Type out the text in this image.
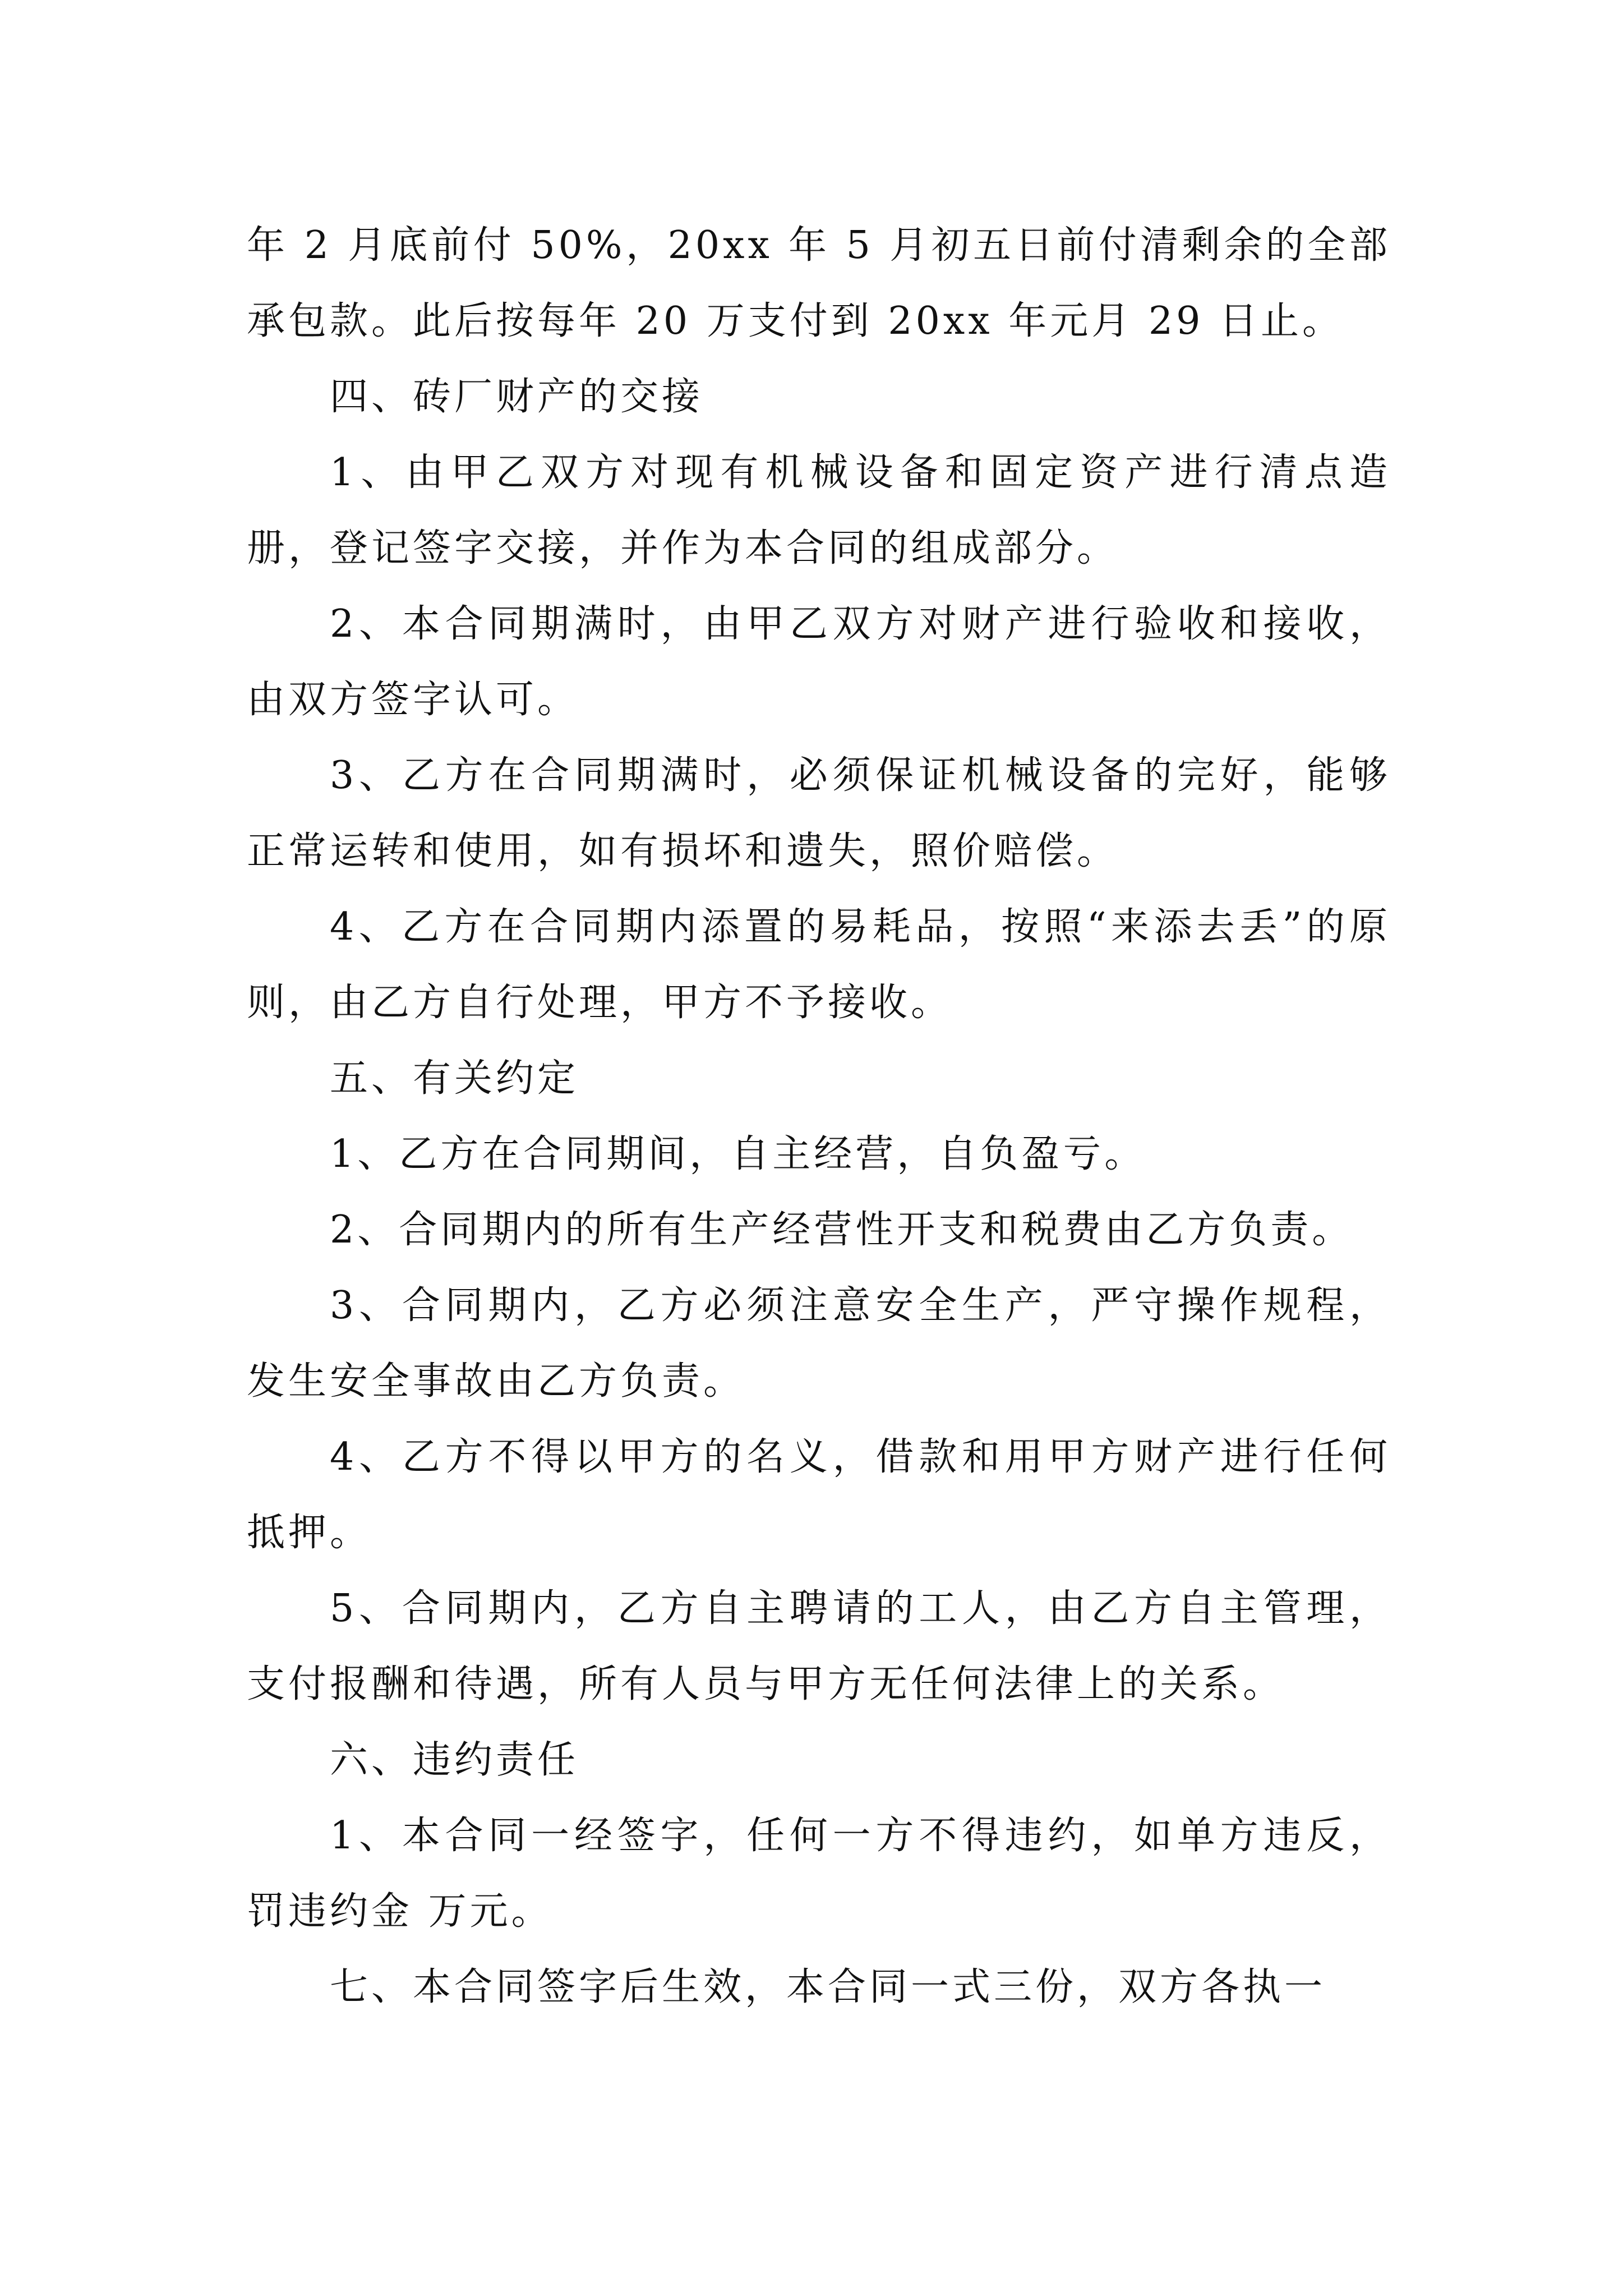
年 2 月底前付 50%，20xx 年 5 月初五日前付清剩余的全部承包款。此后按每年 20 万支付到 20xx 年元月 29 日止。

四、砖厂财产的交接

1、由甲乙双方对现有机械设备和固定资产进行清点造册，登记签字交接，并作为本合同的组成部分。

2、本合同期满时，由甲乙双方对财产进行验收和接收，由双方签字认可。

3、乙方在合同期满时，必须保证机械设备的完好，能够正常运转和使用，如有损坏和遗失，照价赔偿。

4、乙方在合同期内添置的易耗品，按照“来添去丢”的原则，由乙方自行处理，甲方不予接收。

五、有关约定

1、乙方在合同期间，自主经营，自负盈亏。

2、合同期内的所有生产经营性开支和税费由乙方负责。

3、合同期内，乙方必须注意安全生产，严守操作规程，发生安全事故由乙方负责。

4、乙方不得以甲方的名义，借款和用甲方财产进行任何抵押。

5、合同期内，乙方自主聘请的工人，由乙方自主管理，支付报酬和待遇，所有人员与甲方无任何法律上的关系。

六、违约责任

1、本合同一经签字，任何一方不得违约，如单方违反，罚违约金 万元。

七、本合同签字后生效，本合同一式三份，双方各执一
